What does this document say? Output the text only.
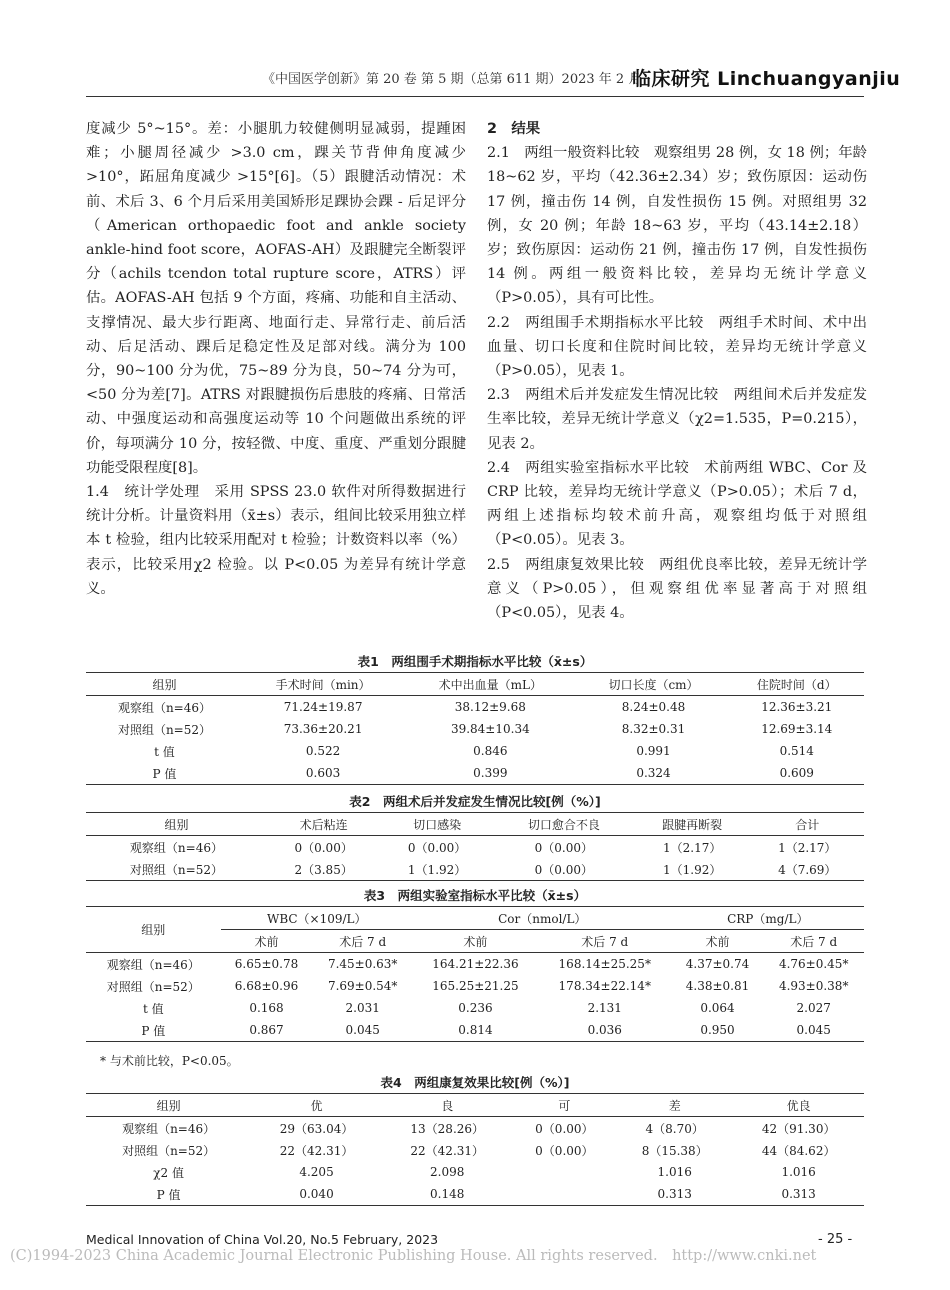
《中国医学创新》第 20 卷 第 5 期（总第 611 期）2023 年 2 月
临床研究 Linchuangyanjiu

度减少 5°~15°。差：小腿肌力较健侧明显减弱，提踵困难；小腿周径减少 >3.0 cm，踝关节背伸角度减少 >10°，跖屈角度减少 >15°[6]。（5）跟腱活动情况：术前、术后 3、6 个月后采用美国矫形足踝协会踝 - 后足评分（American orthopaedic foot and ankle society ankle-hind foot score，AOFAS-AH）及跟腱完全断裂评分（achils tcendon total rupture score，ATRS）评估。AOFAS-AH 包括 9 个方面，疼痛、功能和自主活动、支撑情况、最大步行距离、地面行走、异常行走、前后活动、后足活动、踝后足稳定性及足部对线。满分为 100 分，90~100 分为优，75~89 分为良，50~74 分为可，<50 分为差[7]。ATRS 对跟腱损伤后患肢的疼痛、日常活动、中强度运动和高强度运动等 10 个问题做出系统的评价，每项满分 10 分，按轻微、中度、重度、严重划分跟腱功能受限程度[8]。

1.4　统计学处理　采用 SPSS 23.0 软件对所得数据进行统计分析。计量资料用（x̄±s）表示，组间比较采用独立样本 t 检验，组内比较采用配对 t 检验；计数资料以率（%）表示，比较采用χ2 检验。以 P<0.05 为差异有统计学意义。

2　结果

2.1　两组一般资料比较　观察组男 28 例，女 18 例；年龄 18~62 岁，平均（42.36±2.34）岁；致伤原因：运动伤 17 例，撞击伤 14 例，自发性损伤 15 例。对照组男 32 例，女 20 例；年龄 18~63 岁，平均（43.14±2.18）岁；致伤原因：运动伤 21 例，撞击伤 17 例，自发性损伤 14 例。两组一般资料比较，差异均无统计学意义（P>0.05），具有可比性。

2.2　两组围手术期指标水平比较　两组手术时间、术中出血量、切口长度和住院时间比较，差异均无统计学意义（P>0.05），见表 1。

2.3　两组术后并发症发生情况比较　两组间术后并发症发生率比较，差异无统计学意义（χ2=1.535，P=0.215），见表 2。

2.4　两组实验室指标水平比较　术前两组 WBC、Cor 及 CRP 比较，差异均无统计学意义（P>0.05）；术后 7 d，两组上述指标均较术前升高，观察组均低于对照组（P<0.05）。见表 3。

2.5　两组康复效果比较　两组优良率比较，差异无统计学意义（P>0.05），但观察组优率显著高于对照组（P<0.05），见表 4。

表1　两组围手术期指标水平比较（x̄±s）
组别	手术时间（min）	术中出血量（mL）	切口长度（cm）	住院时间（d）
观察组（n=46）	71.24±19.87	38.12±9.68	8.24±0.48	12.36±3.21
对照组（n=52）	73.36±20.21	39.84±10.34	8.32±0.31	12.69±3.14
t 值	0.522	0.846	0.991	0.514
P 值	0.603	0.399	0.324	0.609
表2　两组术后并发症发生情况比较[例（%）]
组别	术后粘连	切口感染	切口愈合不良	跟腱再断裂	合计
观察组（n=46）	0（0.00）	0（0.00）	0（0.00）	1（2.17）	1（2.17）
对照组（n=52）	2（3.85）	1（1.92）	0（0.00）	1（1.92）	4（7.69）
表3　两组实验室指标水平比较（x̄±s）
组别	WBC（×109/L）		Cor（nmol/L）		CRP（mg/L）	
	术前	术后 7 d	术前	术后 7 d	术前	术后 7 d
观察组（n=46）	6.65±0.78	7.45±0.63*	164.21±22.36	168.14±25.25*	4.37±0.74	4.76±0.45*
对照组（n=52）	6.68±0.96	7.69±0.54*	165.25±21.25	178.34±22.14*	4.38±0.81	4.93±0.38*
t 值	0.168	2.031	0.236	2.131	0.064	2.027
P 值	0.867	0.045	0.814	0.036	0.950	0.045
* 与术前比较，P<0.05。
表4　两组康复效果比较[例（%）]
组别	优	良	可	差	优良
观察组（n=46）	29（63.04）	13（28.26）	0（0.00）	4（8.70）	42（91.30）
对照组（n=52）	22（42.31）	22（42.31）	0（0.00）	8（15.38）	44（84.62）
χ2 值	4.205	2.098		1.016	1.016
P 值	0.040	0.148		0.313	0.313
Medical Innovation of China Vol.20, No.5 February, 2023	- 25 -
(C)1994-2023 China Academic Journal Electronic Publishing House. All rights reserved.　http://www.cnki.net
